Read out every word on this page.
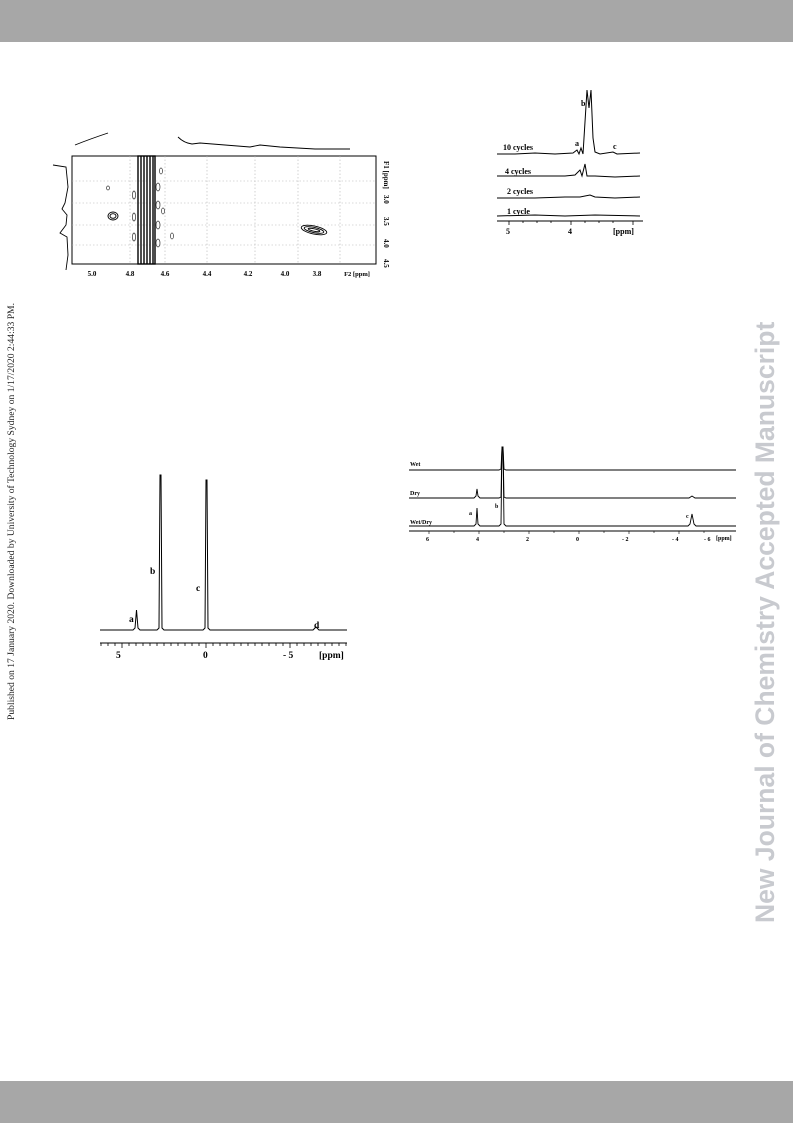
Published on 17 January 2020. Downloaded by University of Technology Sydney on 1/17/2020 2:44:33 PM.	New Journal of Chemistry Accepted Manuscript
5.0	4.8	4.6	4.4	4.2	4.0	3.8	F2 [ppm]
F1 [ppm]
3.0
3.5
4.0
4.5
10 cycles
4 cycles
2 cycles
1 cycle
a
b
c
5	4	[ppm]
a
b
c
d
5	0	- 5	[ppm]
Wet
Dry
Wet/Dry
a
b
c
6	4	2	0	- 2	- 4	- 6 [ppm]
